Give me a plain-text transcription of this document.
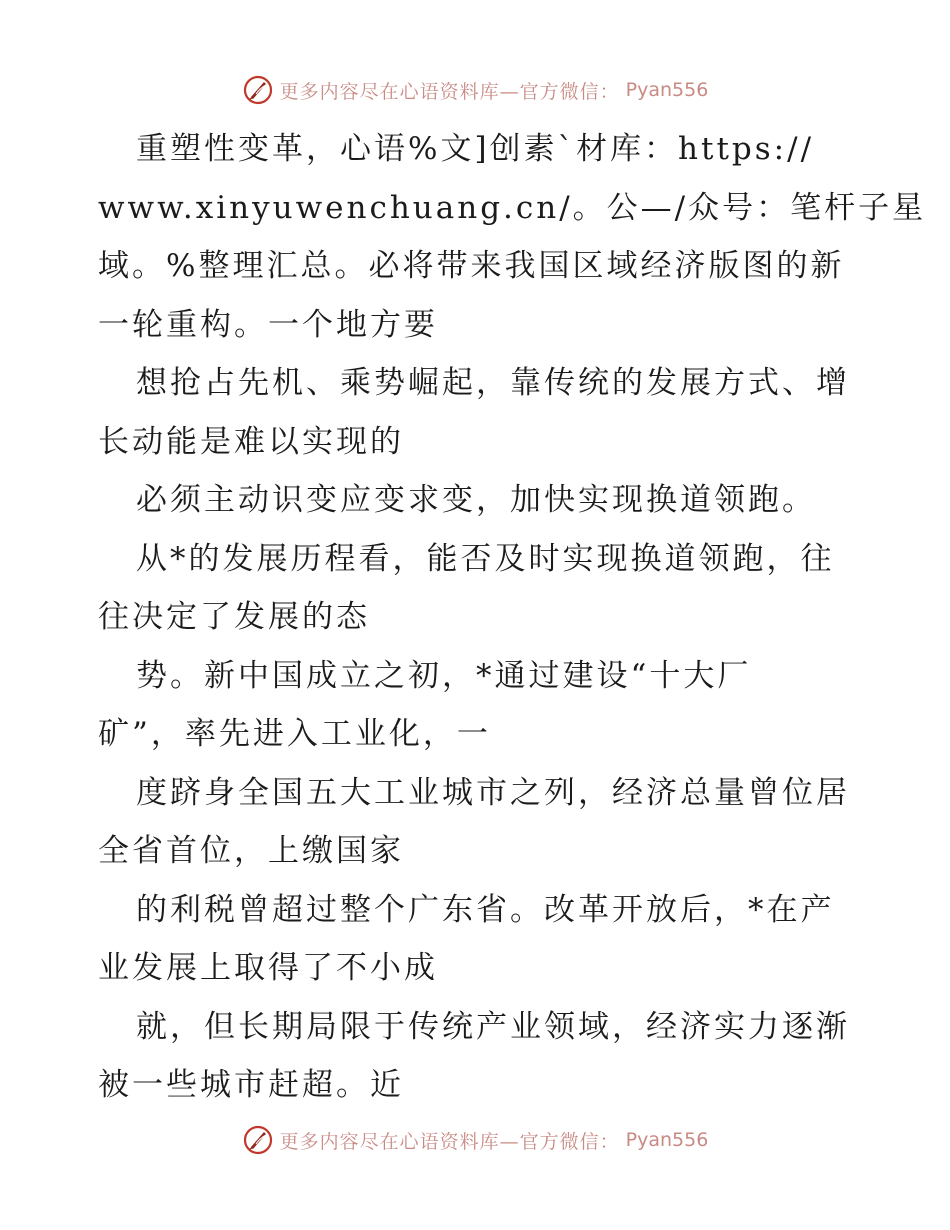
更多内容尽在心语资料库—官方微信： Pyan556
重塑性变革，心语%文]创素`材库：https://
www.xinyuwenchuang.cn/。公—/众号：笔杆子星
域。%整理汇总。必将带来我国区域经济版图的新
一轮重构。一个地方要
想抢占先机、乘势崛起，靠传统的发展方式、增
长动能是难以实现的
必须主动识变应变求变，加快实现换道领跑。
从*的发展历程看，能否及时实现换道领跑，往
往决定了发展的态
势。新中国成立之初，*通过建设“十大厂
矿”，率先进入工业化，一
度跻身全国五大工业城市之列，经济总量曾位居
全省首位，上缴国家
的利税曾超过整个广东省。改革开放后，*在产
业发展上取得了不小成
就，但长期局限于传统产业领域，经济实力逐渐
被一些城市赶超。近
更多内容尽在心语资料库—官方微信： Pyan556
